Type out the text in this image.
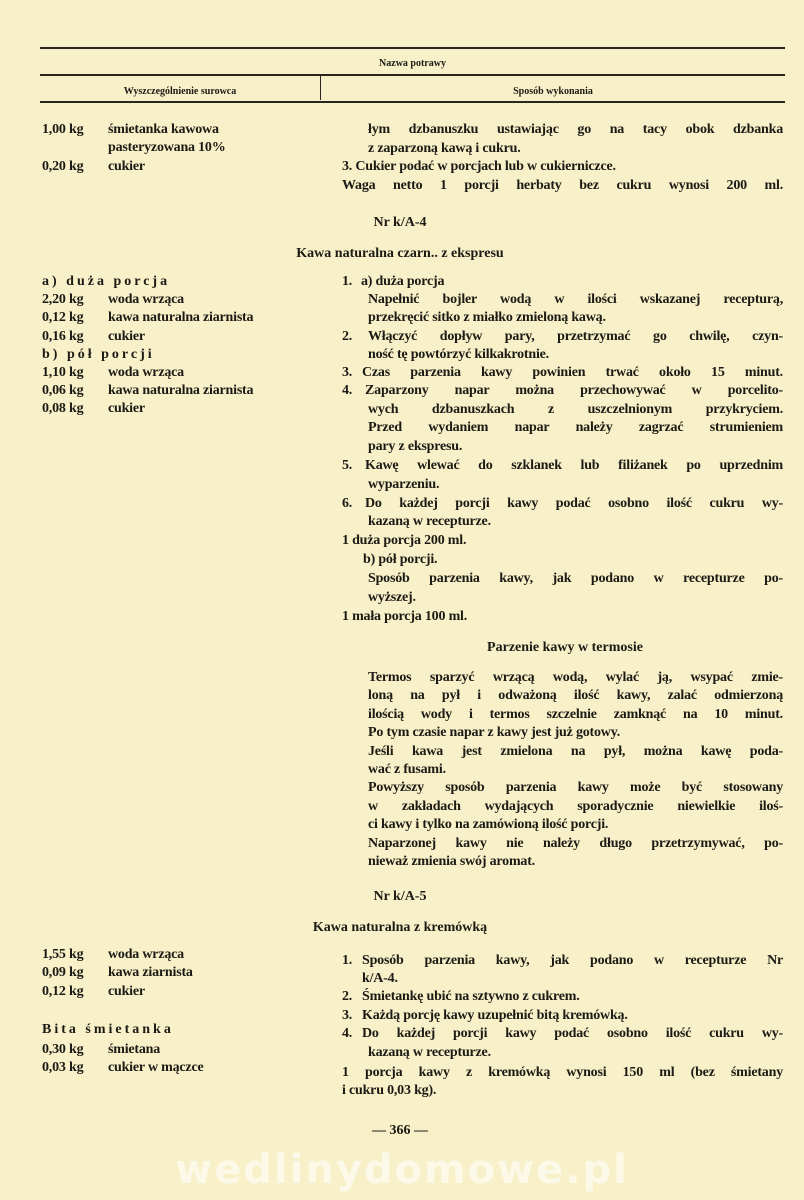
Nazwa potrawy
Wyszczególnienie surowca	Sposób wykonania
1,00 kg śmietanka kawowa
pasteryzowana 10%
0,20 kg cukier
łym dzbanuszku ustawiając go na tacy obok dzbanka
z zaparzoną kawą i cukru.
3. Cukier podać w porcjach lub w cukierniczce.
Waga netto 1 porcji herbaty bez cukru wynosi 200 ml.
Nr k/A-4
Kawa naturalna czarn.. z ekspresu
a) duża porcja
2,20 kg woda wrząca
0,12 kg kawa naturalna ziarnista
0,16 kg cukier
b) pół porcji
1,10 kg woda wrząca
0,06 kg kawa naturalna ziarnista
0,08 kg cukier
1. a) duża porcja
Napełnić bojler wodą w ilości wskazanej recepturą,
przekręcić sitko z miałko zmieloną kawą.
2. Włączyć dopływ pary, przetrzymać go chwilę, czyn-
ność tę powtórzyć kilkakrotnie.
3. Czas parzenia kawy powinien trwać około 15 minut.
4. Zaparzony napar można przechowywać w porcelito-
wych dzbanuszkach z uszczelnionym przykryciem.
Przed wydaniem napar należy zagrzać strumieniem
pary z ekspresu.
5. Kawę wlewać do szklanek lub filiżanek po uprzednim
wyparzeniu.
6. Do każdej porcji kawy podać osobno ilość cukru wy-
kazaną w recepturze.
1 duża porcja 200 ml.
b) pół porcji.
Sposób parzenia kawy, jak podano w recepturze po-
wyższej.
1 mała porcja 100 ml.
Parzenie kawy w termosie
Termos sparzyć wrzącą wodą, wylać ją, wsypać zmie-
loną na pył i odważoną ilość kawy, zalać odmierzoną
ilością wody i termos szczelnie zamknąć na 10 minut.
Po tym czasie napar z kawy jest już gotowy.
Jeśli kawa jest zmielona na pył, można kawę poda-
wać z fusami.
Powyższy sposób parzenia kawy może być stosowany
w zakładach wydających sporadycznie niewielkie iloś-
ci kawy i tylko na zamówioną ilość porcji.
Naparzonej kawy nie należy długo przetrzymywać, po-
nieważ zmienia swój aromat.
Nr k/A-5
Kawa naturalna z kremówką
1,55 kg woda wrząca
0,09 kg kawa ziarnista
0,12 kg cukier
Bita śmietanka
0,30 kg śmietana
0,03 kg cukier w mączce
1. Sposób parzenia kawy, jak podano w recepturze Nr
k/A-4.
2. Śmietankę ubić na sztywno z cukrem.
3. Każdą porcję kawy uzupełnić bitą kremówką.
4. Do każdej porcji kawy podać osobno ilość cukru wy-
kazaną w recepturze.
1 porcja kawy z kremówką wynosi 150 ml (bez śmietany
i cukru 0,03 kg).
— 366 —
wedlinydomowe.pl
